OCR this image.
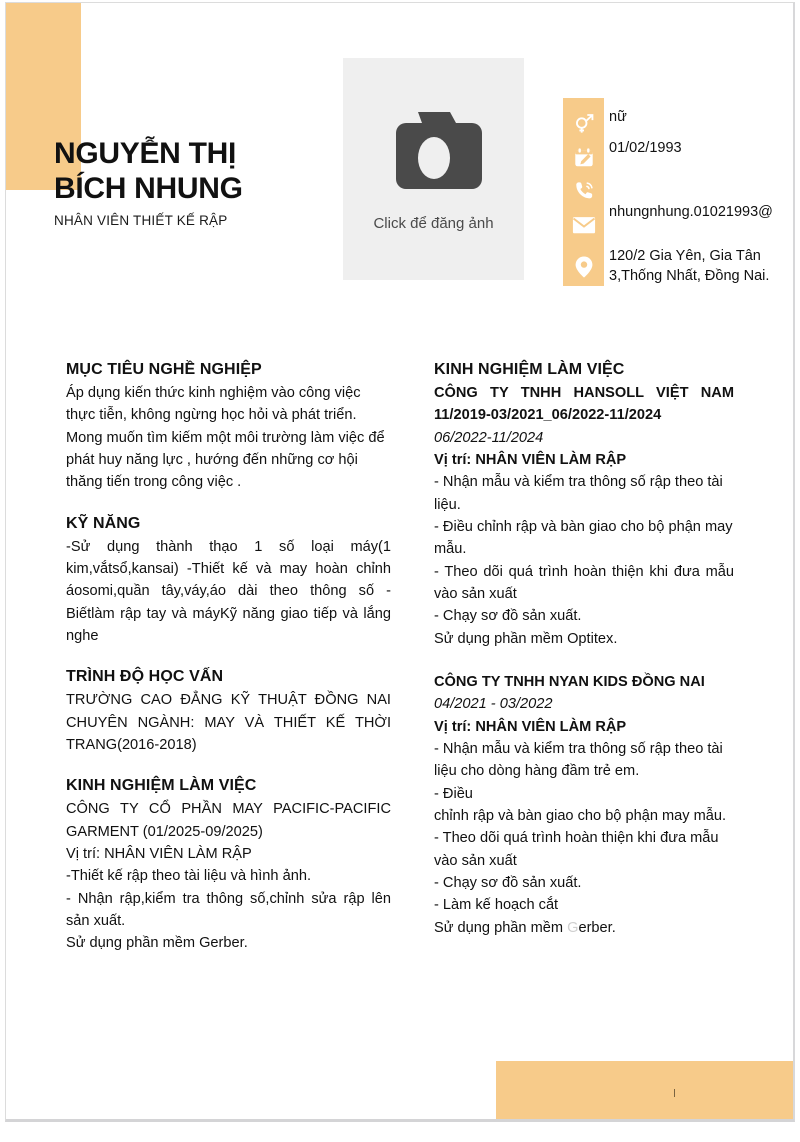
NGUYỄN THỊ
BÍCH NHUNG
NHÂN VIÊN THIẾT KẾ RẬP	Click để đăng ảnh
nữ
01/02/1993
nhungnhung.01021993@
120/2 Gia Yên, Gia Tân 3,Thống Nhất, Đồng Nai.
MỤC TIÊU NGHỀ NGHIỆP

Áp dụng kiến thức kinh nghiệm vào công việc thực tiễn, không ngừng học hỏi và phát triển. Mong muốn tìm kiếm một môi trường làm việc để phát huy năng lực , hướng đến những cơ hội thăng tiến trong công việc .

KỸ NĂNG

-Sử dụng thành thạo 1 số loại máy(1 kim,vắtsổ,kansai) -Thiết kế và may hoàn chỉnh áosomi,quần tây,váy,áo dài theo thông số -Biếtlàm rập tay và máyKỹ năng giao tiếp và lắng nghe

TRÌNH ĐỘ HỌC VẤN

TRƯỜNG CAO ĐẲNG KỸ THUẬT ĐỒNG NAI CHUYÊN NGÀNH: MAY VÀ THIẾT KẾ THỜI TRANG(2016-2018)

KINH NGHIỆM LÀM VIỆC

CÔNG TY CỔ PHẦN MAY PACIFIC-PACIFIC GARMENT (01/2025-09/2025)

Vị trí: NHÂN VIÊN LÀM RẬP

-Thiết kế rập theo tài liệu và hình ảnh.

- Nhận rập,kiểm tra thông số,chỉnh sửa rập lên sản xuất.

Sử dụng phần mềm Gerber.

KINH NGHIỆM LÀM VIỆC

CÔNG TY TNHH HANSOLL VIỆT NAM 11/2019-03/2021_06/2022-11/2024

06/2022-11/2024

Vị trí: NHÂN VIÊN LÀM RẬP

- Nhận mẫu và kiểm tra thông số rập theo tài liệu.

- Điều chỉnh rập và bàn giao cho bộ phận may mẫu.

- Theo dõi quá trình hoàn thiện khi đưa mẫu vào sản xuất

- Chạy sơ đồ sản xuất.

Sử dụng phần mềm Optitex.

CÔNG TY TNHH NYAN KIDS ĐỒNG NAI

04/2021 - 03/2022

Vị trí: NHÂN VIÊN LÀM RẬP

- Nhận mẫu và kiểm tra thông số rập theo tài liệu cho dòng hàng đầm trẻ em.

- Điều

chỉnh rập và bàn giao cho bộ phận may mẫu.

- Theo dõi quá trình hoàn thiện khi đưa mẫu vào sản xuất

- Chạy sơ đồ sản xuất.

- Làm kế hoạch cắt

Sử dụng phần mềm Gerber.
